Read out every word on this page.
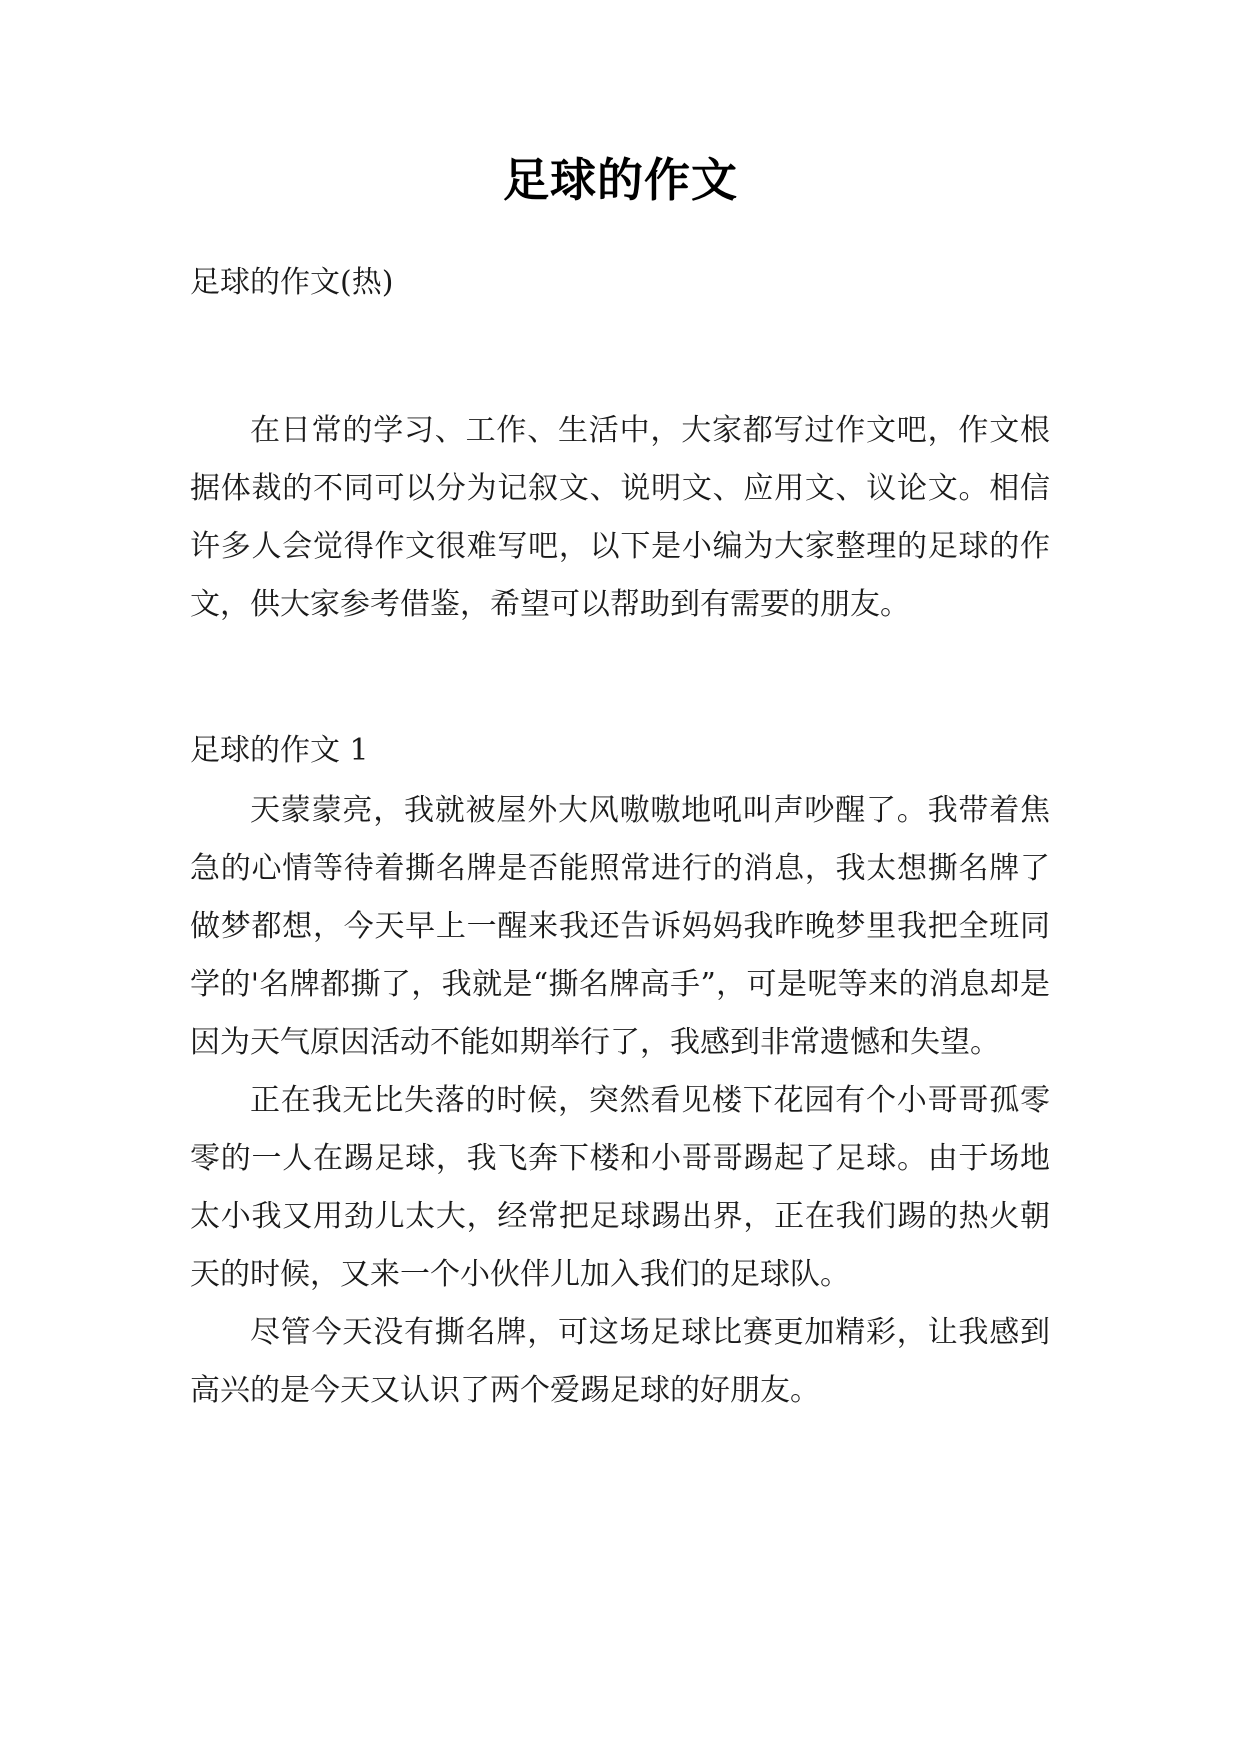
足球的作文

足球的作文(热)

在日常的学习、工作、生活中，大家都写过作文吧，作文根据体裁的不同可以分为记叙文、说明文、应用文、议论文。相信许多人会觉得作文很难写吧，以下是小编为大家整理的足球的作文，供大家参考借鉴，希望可以帮助到有需要的朋友。

足球的作文 1

天蒙蒙亮，我就被屋外大风嗷嗷地吼叫声吵醒了。我带着焦急的心情等待着撕名牌是否能照常进行的消息，我太想撕名牌了做梦都想，今天早上一醒来我还告诉妈妈我昨晚梦里我把全班同学的'名牌都撕了，我就是“撕名牌高手”，可是呢等来的消息却是因为天气原因活动不能如期举行了，我感到非常遗憾和失望。

正在我无比失落的时候，突然看见楼下花园有个小哥哥孤零零的一人在踢足球，我飞奔下楼和小哥哥踢起了足球。由于场地太小我又用劲儿太大，经常把足球踢出界，正在我们踢的热火朝天的时候，又来一个小伙伴儿加入我们的足球队。

尽管今天没有撕名牌，可这场足球比赛更加精彩，让我感到高兴的是今天又认识了两个爱踢足球的好朋友。
